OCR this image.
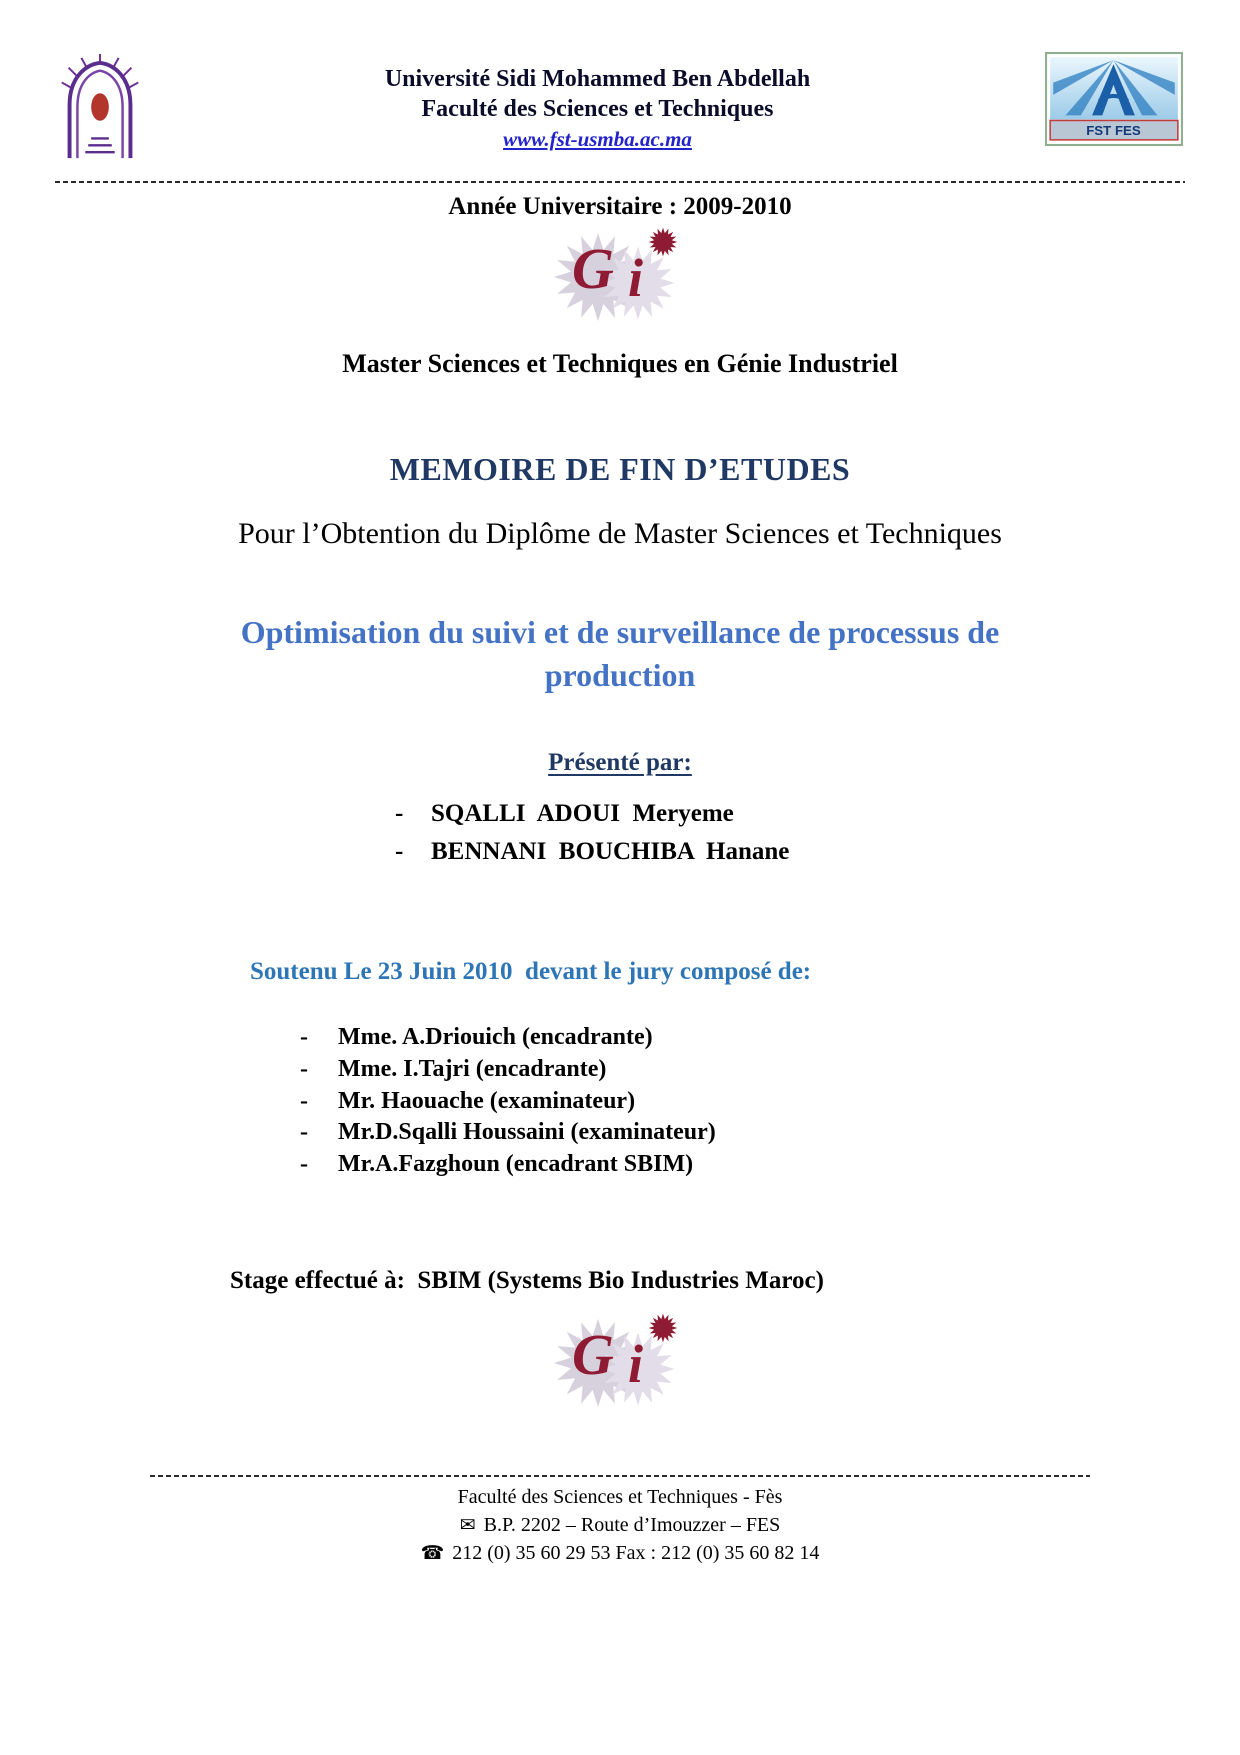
Université Sidi Mohammed Ben Abdellah
Faculté des Sciences et Techniques
www.fst-usmba.ac.ma	FST FES
Année Universitaire : 2009-2010
G i
Master Sciences et Techniques en Génie Industriel
MEMOIRE DE FIN D’ETUDES
Pour l’Obtention du Diplôme de Master Sciences et Techniques
Optimisation du suivi et de surveillance de processus de production
Présenté par:
-	SQALLI  ADOUI  Meryeme
-	BENNANI  BOUCHIBA  Hanane
Soutenu Le 23 Juin 2010  devant le jury composé de:
-	Mme. A.Driouich (encadrante)
-	Mme. I.Tajri (encadrante)
-	Mr. Haouache (examinateur)
-	Mr.D.Sqalli Houssaini (examinateur)
-	Mr.A.Fazghoun (encadrant SBIM)
Stage effectué à:  SBIM (Systems Bio Industries Maroc)
G i
Faculté des Sciences et Techniques - Fès
✉ B.P. 2202 – Route d’Imouzzer – FES
☎ 212 (0) 35 60 29 53 Fax : 212 (0) 35 60 82 14
